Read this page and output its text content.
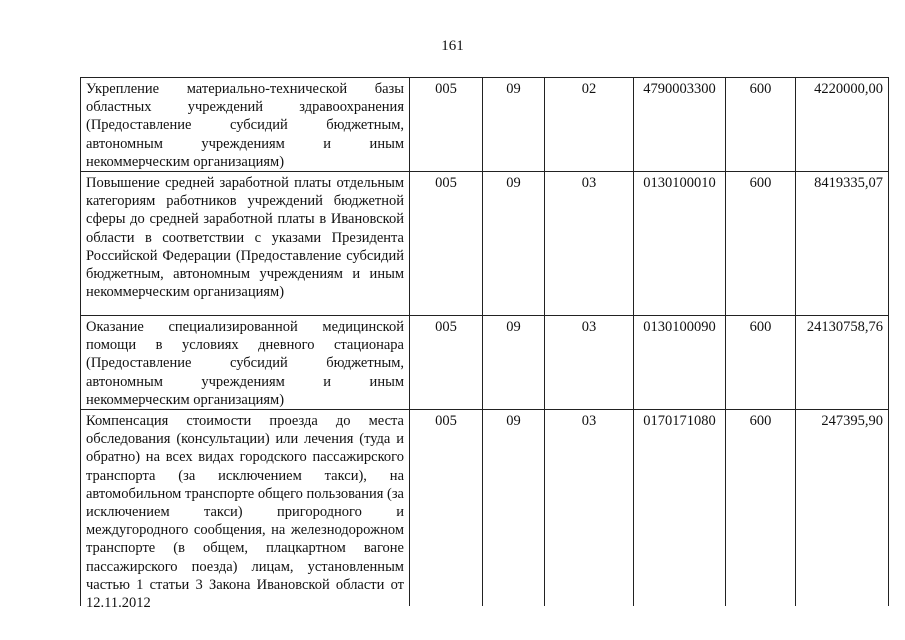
161
Укрепление материально-технической базы областных учреждений здравоохранения (Предоставление субсидий бюджетным, автономным учреждениям и иным некоммерческим организациям)	005	09	02	4790003300	600	4220000,00
Повышение средней заработной платы отдельным категориям работников учреждений бюджетной сферы до средней заработной платы в Ивановской области в соответствии с указами Президента Российской Федерации (Предоставление субсидий бюджетным, автономным учреждениям и иным некоммерческим организациям)	005	09	03	0130100010	600	8419335,07
Оказание специализированной медицинской помощи в условиях дневного стационара (Предоставление субсидий бюджетным, автономным учреждениям и иным некоммерческим организациям)	005	09	03	0130100090	600	24130758,76

Компенсация стоимости проезда до места обследования (консультации) или лечения (туда и обратно) на всех видах городского пассажирского транспорта (за исключением такси), на автомобильном транспорте общего пользования (за исключением такси) пригородного и междугородного сообщения, на железнодорожном транспорте (в общем, плацкартном вагоне пассажирского поезда) лицам, установленным частью 1 статьи 3 Закона Ивановской области от 12.11.2012	005	09	03	0170171080	600	247395,90
